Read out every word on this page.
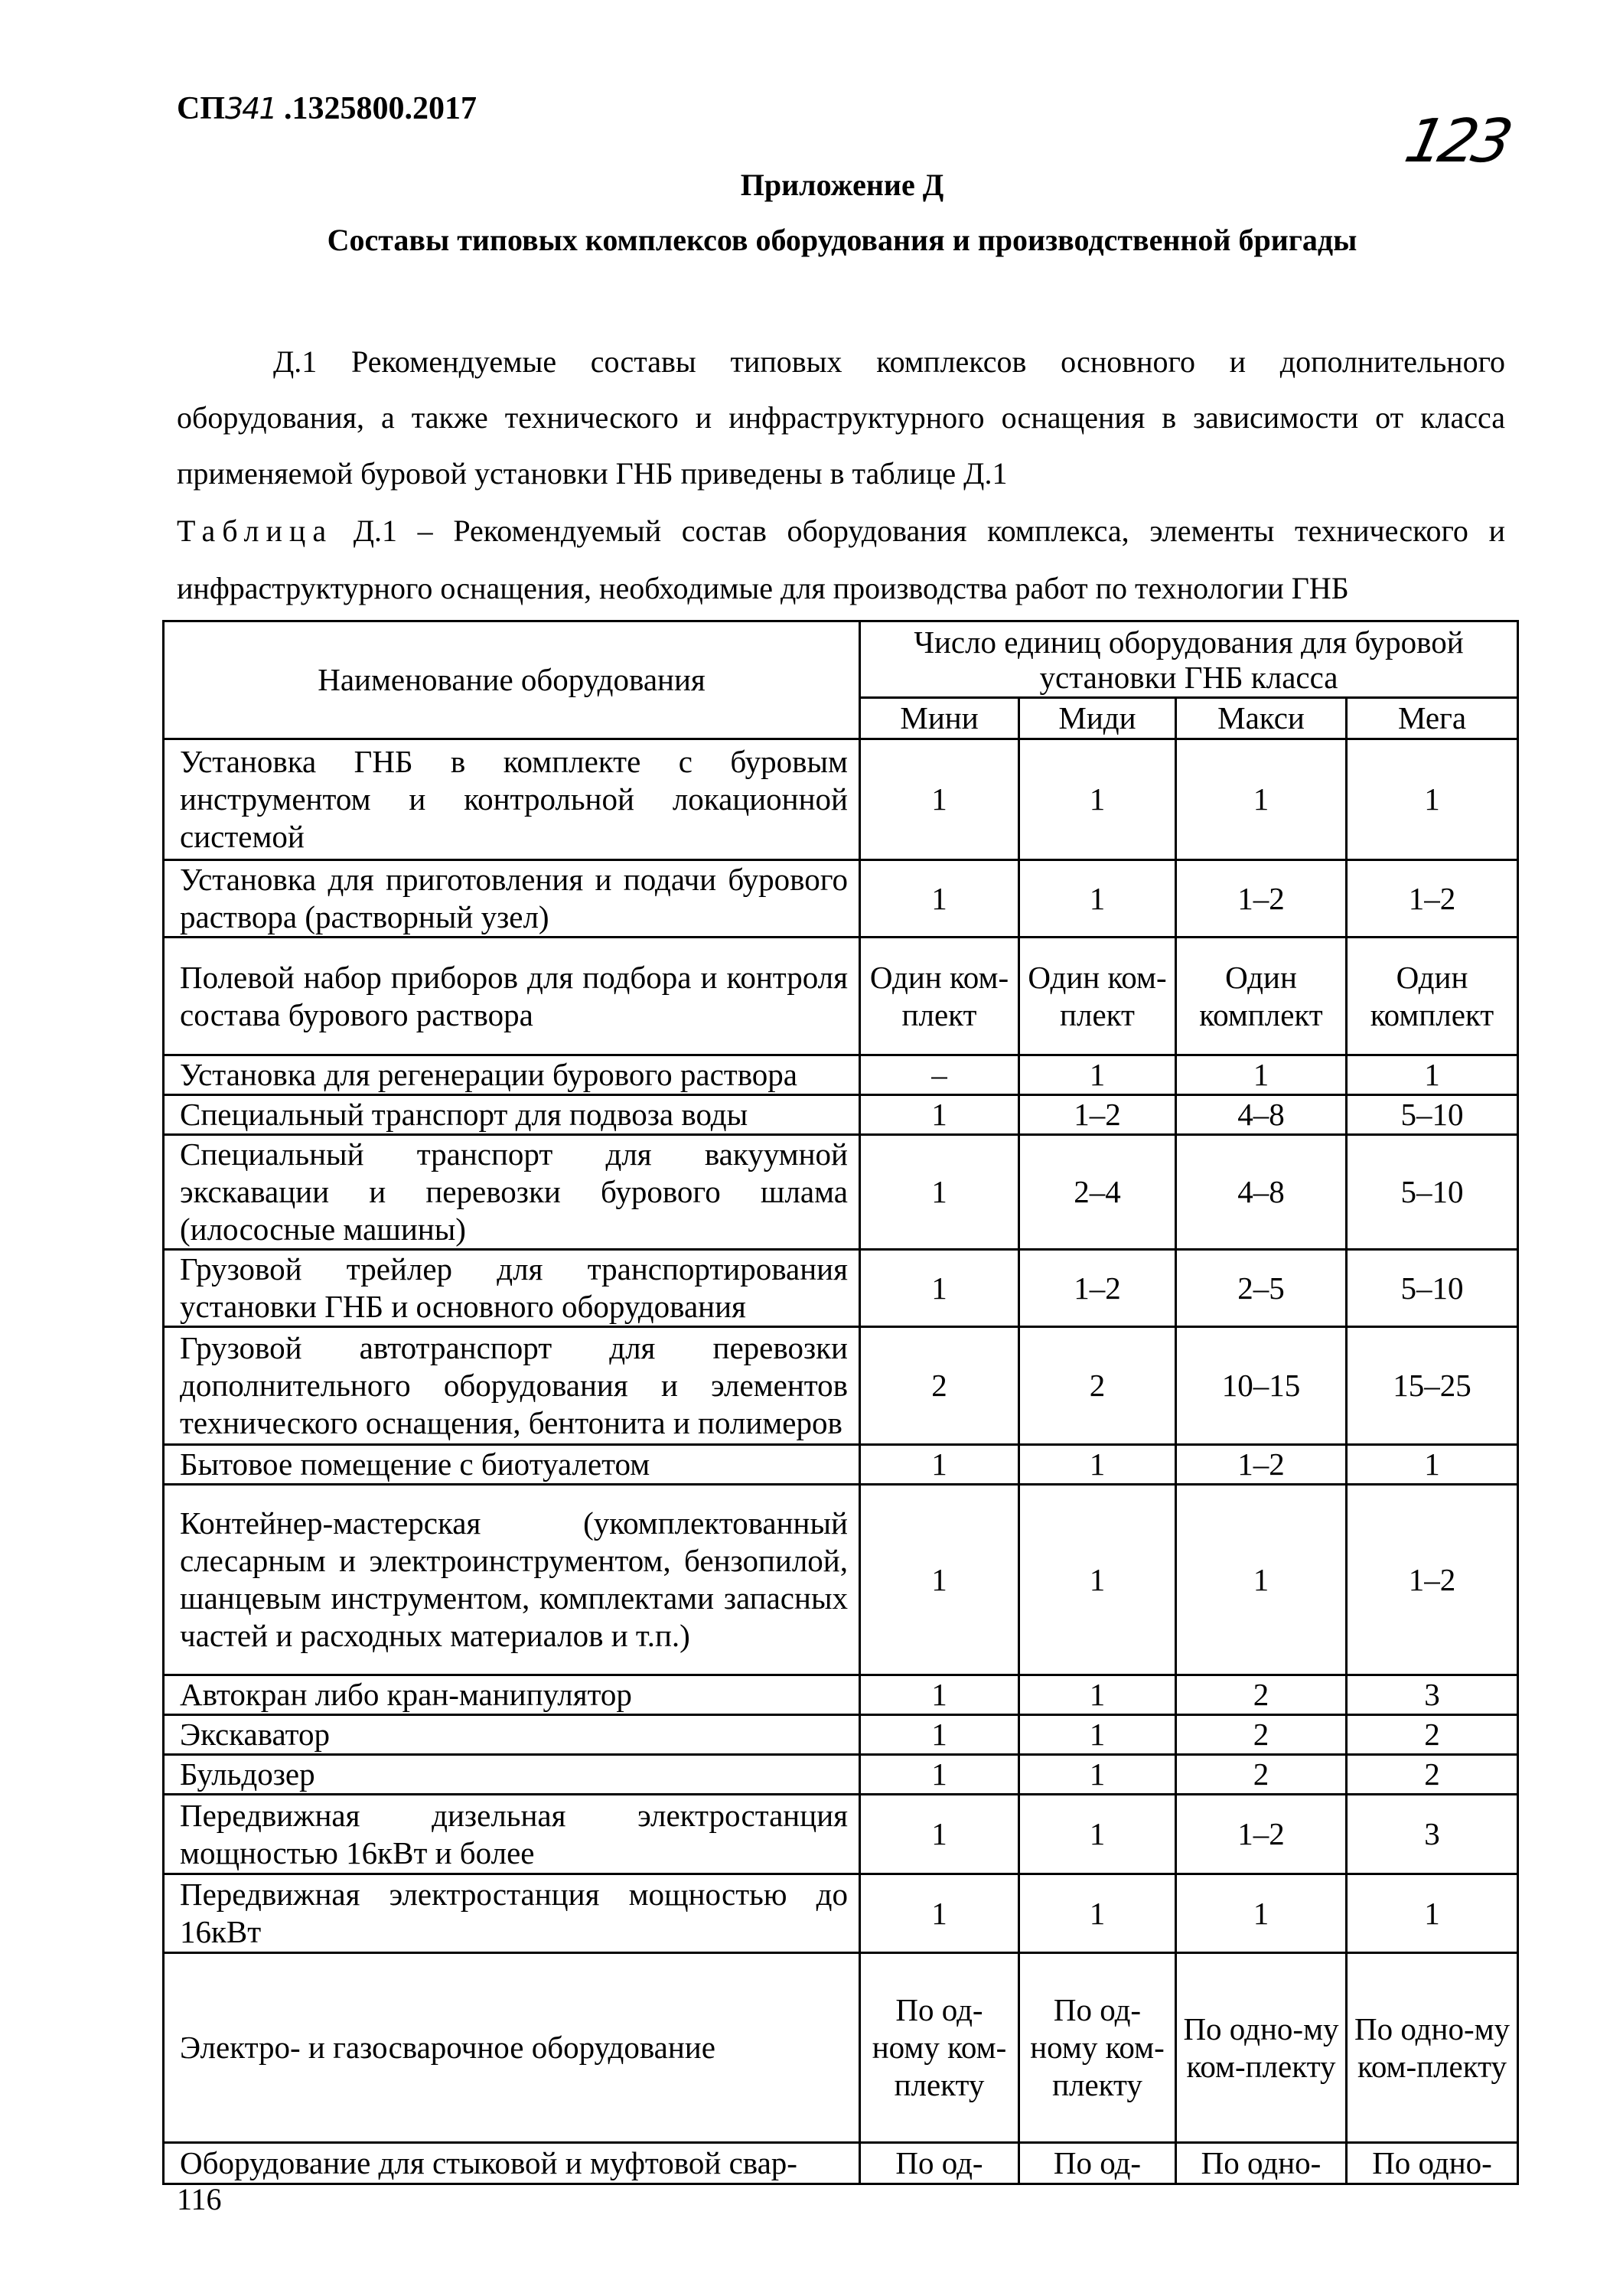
СП341 .1325800.2017	123
Приложение Д
Составы типовых комплексов оборудования и производственной бригады
Д.1 Рекомендуемые составы типовых комплексов основного и дополнительного оборудования, а также технического и инфраструктурного оснащения в зависимости от класса применяемой буровой установки ГНБ приведены в таблице Д.1
Таблица Д.1 – Рекомендуемый состав оборудования комплекса, элементы технического и инфраструктурного оснащения, необходимые для производства работ по технологии ГНБ
Наименование оборудования	Число единиц оборудования для буровой установки ГНБ класса			
	Мини	Миди	Макси	Мега
Установка ГНБ в комплекте с буровым инструментом и контрольной локационной системой	1	1	1	1
Установка для приготовления и подачи бурового раствора (растворный узел)	1	1	1–2	1–2
Полевой набор приборов для подбора и контроля состава бурового раствора	Один ком-плект	Один ком-плект	Один комплект	Один комплект
Установка для регенерации бурового раствора	–	1	1	1
Специальный транспорт для подвоза воды	1	1–2	4–8	5–10
Специальный транспорт для вакуумной экскавации и перевозки бурового шлама (илососные машины)	1	2–4	4–8	5–10
Грузовой трейлер для транспортирования установки ГНБ и основного оборудования	1	1–2	2–5	5–10
Грузовой автотранспорт для перевозки дополнительного оборудования и элементов технического оснащения, бентонита и полимеров	2	2	10–15	15–25
Бытовое помещение с биотуалетом	1	1	1–2	1
Контейнер-мастерская (укомплектованный слесарным и электроинструментом, бензопилой, шанцевым инструментом, комплектами запасных частей и расходных материалов и т.п.)	1	1	1	1–2
Автокран либо кран-манипулятор	1	1	2	3
Экскаватор	1	1	2	2
Бульдозер	1	1	2	2
Передвижная дизельная электростанция мощностью 16кВт и более	1	1	1–2	3
Передвижная электростанция мощностью до 16кВт	1	1	1	1
Электро- и газосварочное оборудование	По од-ному ком-плекту	По од-ному ком-плекту	По одно-му ком-плекту	По одно-му ком-плекту
Оборудование для стыковой и муфтовой свар-	По од-	По од-	По одно-	По одно-
116
